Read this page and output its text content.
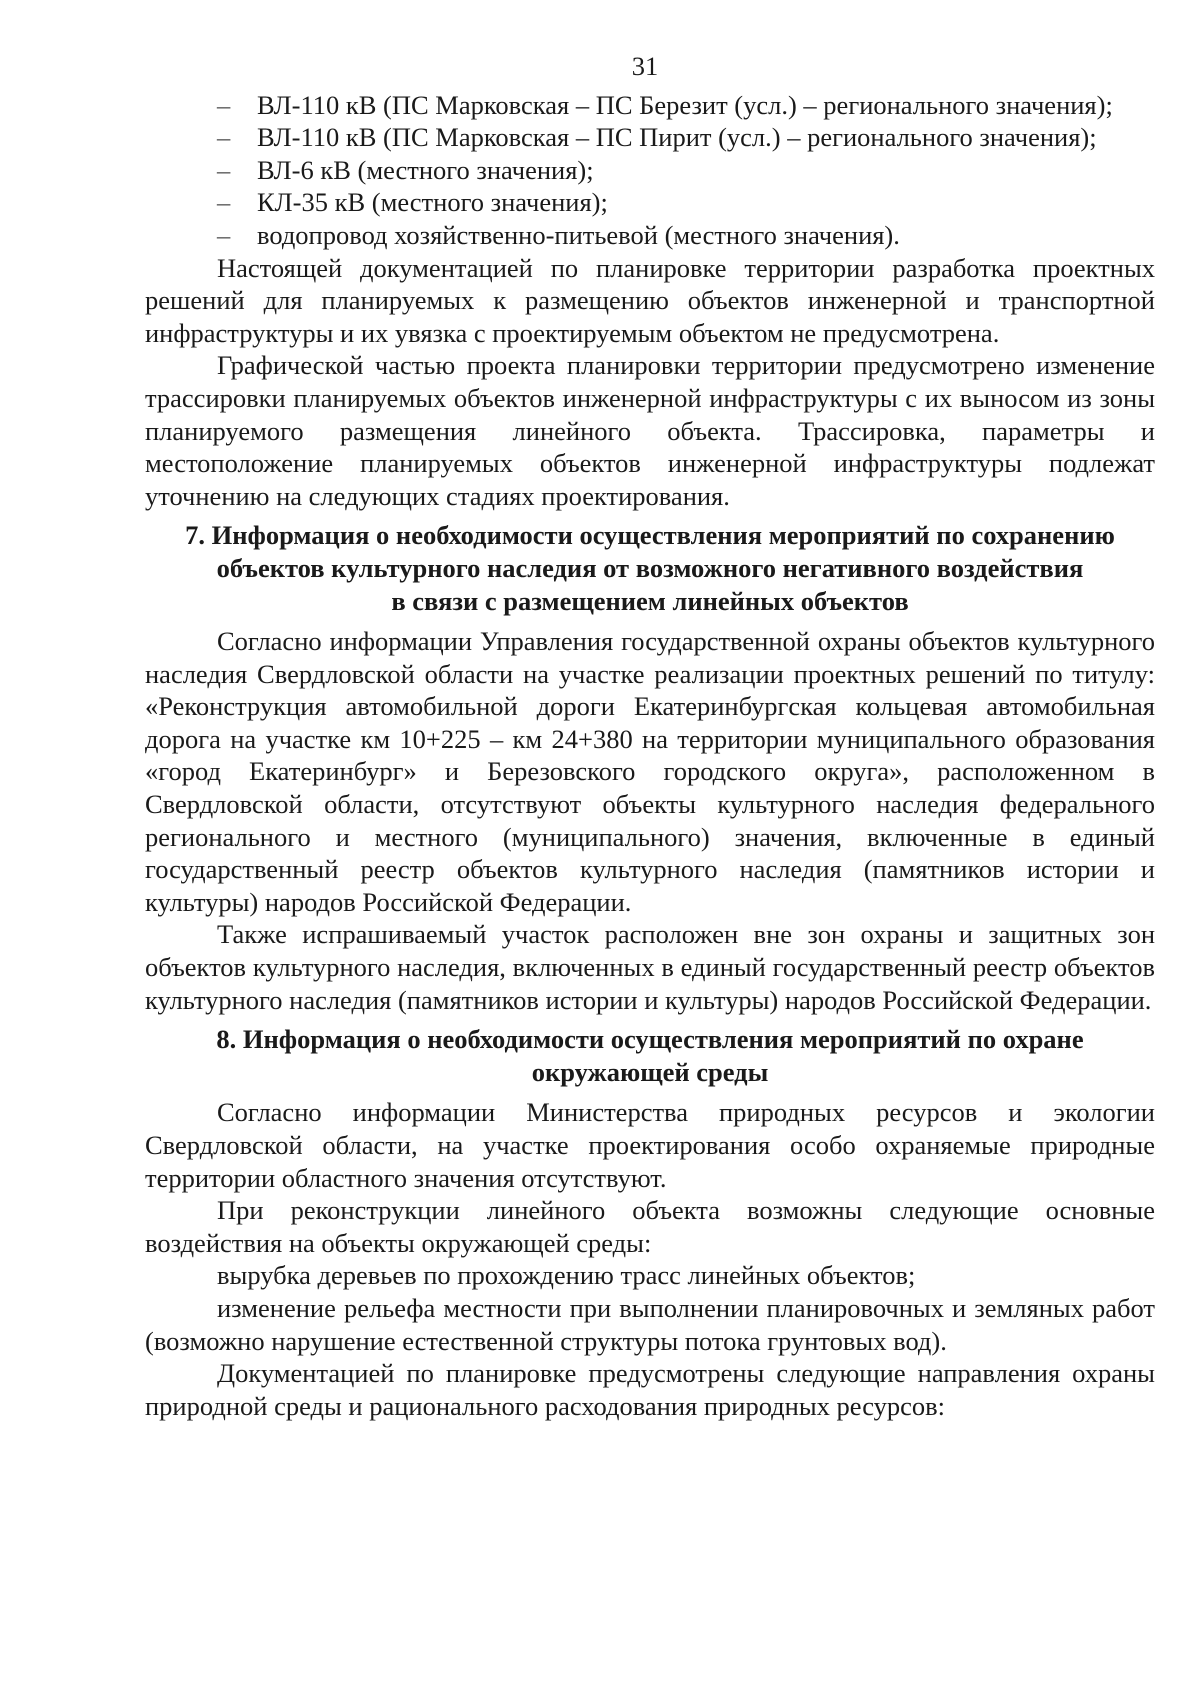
31

– ВЛ-110 кВ (ПС Марковская – ПС Березит (усл.) – регионального значения);

– ВЛ-110 кВ (ПС Марковская – ПС Пирит (усл.) – регионального значения);

– ВЛ-6 кВ (местного значения);

– КЛ-35 кВ (местного значения);

– водопровод хозяйственно-питьевой (местного значения).

Настоящей документацией по планировке территории разработка проектных решений для планируемых к размещению объектов инженерной и транспортной инфраструктуры и их увязка с проектируемым объектом не предусмотрена.

Графической частью проекта планировки территории предусмотрено изменение трассировки планируемых объектов инженерной инфраструктуры с их выносом из зоны планируемого размещения линейного объекта. Трассировка, параметры и местоположение планируемых объектов инженерной инфраструктуры подлежат уточнению на следующих стадиях проектирования.

7. Информация о необходимости осуществления мероприятий по сохранению
объектов культурного наследия от возможного негативного воздействия
в связи с размещением линейных объектов

Согласно информации Управления государственной охраны объектов культурного наследия Свердловской области на участке реализации проектных решений по титулу: «Реконструкция автомобильной дороги Екатеринбургская кольцевая автомобильная дорога на участке км 10+225 – км 24+380 на территории муниципального образования «город Екатеринбург» и Березовского городского округа», расположенном в Свердловской области, отсутствуют объекты культурного наследия федерального регионального и местного (муниципального) значения, включенные в единый государственный реестр объектов культурного наследия (памятников истории и культуры) народов Российской Федерации.

Также испрашиваемый участок расположен вне зон охраны и защитных зон объектов культурного наследия, включенных в единый государственный реестр объектов культурного наследия (памятников истории и культуры) народов Российской Федерации.

8. Информация о необходимости осуществления мероприятий по охране
окружающей среды

Согласно информации Министерства природных ресурсов и экологии Свердловской области, на участке проектирования особо охраняемые природные территории областного значения отсутствуют.

При реконструкции линейного объекта возможны следующие основные воздействия на объекты окружающей среды:

вырубка деревьев по прохождению трасс линейных объектов;

изменение рельефа местности при выполнении планировочных и земляных работ (возможно нарушение естественной структуры потока грунтовых вод).

Документацией по планировке предусмотрены следующие направления охраны природной среды и рационального расходования природных ресурсов:
